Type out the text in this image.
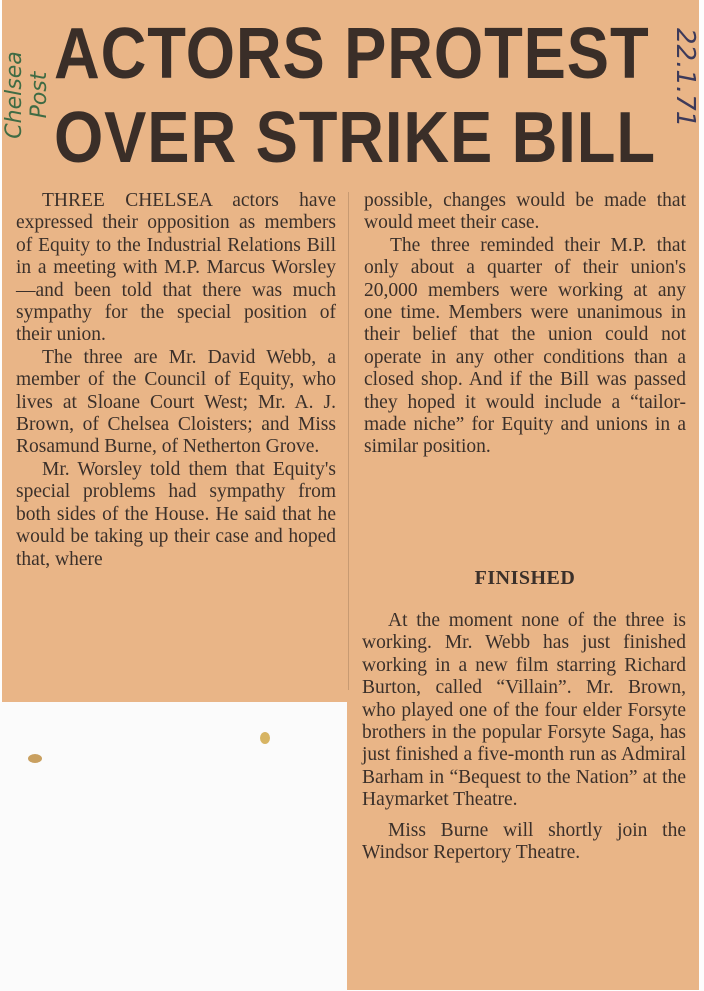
ACTORS PROTEST
OVER STRIKE BILL

Chelsea Post	22.1.71

THREE CHELSEA actors have expressed their opposition as members of Equity to the Industrial Relations Bill in a meeting with M.P. Marcus Worsley—and been told that there was much sympathy for the special position of their union.

The three are Mr. David Webb, a member of the Council of Equity, who lives at Sloane Court West; Mr. A. J. Brown, of Chelsea Cloisters; and Miss Rosamund Burne, of Netherton Grove.

Mr. Worsley told them that Equity's special problems had sympathy from both sides of the House. He said that he would be taking up their case and hoped that, where

possible, changes would be made that would meet their case.

The three reminded their M.P. that only about a quarter of their union's 20,000 members were working at any one time. Members were unanimous in their belief that the union could not operate in any other conditions than a closed shop. And if the Bill was passed they hoped it would include a “tailor-made niche” for Equity and unions in a similar position.

FINISHED

At the moment none of the three is working. Mr. Webb has just finished working in a new film starring Richard Burton, called “Villain”. Mr. Brown, who played one of the four elder Forsyte brothers in the popular Forsyte Saga, has just finished a five-month run as Admiral Barham in “Bequest to the Nation” at the Haymarket Theatre.

Miss Burne will shortly join the Windsor Repertory Theatre.
